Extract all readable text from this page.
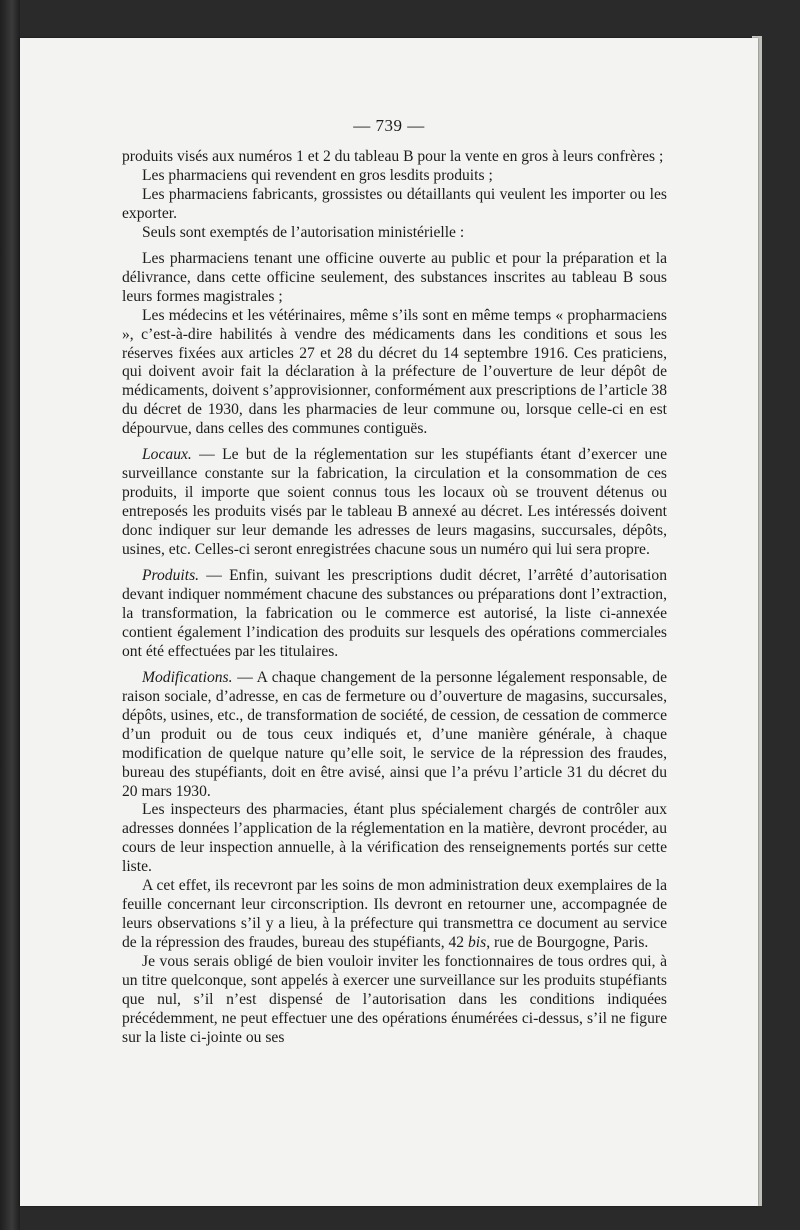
— 739 —

produits visés aux numéros 1 et 2 du tableau B pour la vente en gros à leurs confrères ;

Les pharmaciens qui revendent en gros lesdits produits ;

Les pharmaciens fabricants, grossistes ou détaillants qui veulent les importer ou les exporter.

Seuls sont exemptés de l’autorisation ministérielle :

Les pharmaciens tenant une officine ouverte au public et pour la préparation et la délivrance, dans cette officine seulement, des substances inscrites au tableau B sous leurs formes magistrales ;

Les médecins et les vétérinaires, même s’ils sont en même temps « propharmaciens », c’est-à-dire habilités à vendre des médicaments dans les conditions et sous les réserves fixées aux articles 27 et 28 du décret du 14 septembre 1916. Ces praticiens, qui doivent avoir fait la déclaration à la préfecture de l’ouverture de leur dépôt de médicaments, doivent s’approvisionner, conformément aux prescriptions de l’article 38 du décret de 1930, dans les pharmacies de leur commune ou, lorsque celle-ci en est dépourvue, dans celles des communes contiguës.

Locaux. — Le but de la réglementation sur les stupéfiants étant d’exercer une surveillance constante sur la fabrication, la circulation et la consommation de ces produits, il importe que soient connus tous les locaux où se trouvent détenus ou entreposés les produits visés par le tableau B annexé au décret. Les intéressés doivent donc indiquer sur leur demande les adresses de leurs magasins, succursales, dépôts, usines, etc. Celles-ci seront enregistrées chacune sous un numéro qui lui sera propre.

Produits. — Enfin, suivant les prescriptions dudit décret, l’arrêté d’autorisation devant indiquer nommément chacune des substances ou préparations dont l’extraction, la transformation, la fabrication ou le commerce est autorisé, la liste ci-annexée contient également l’indication des produits sur lesquels des opérations commerciales ont été effectuées par les titulaires.

Modifications. — A chaque changement de la personne légalement responsable, de raison sociale, d’adresse, en cas de fermeture ou d’ouverture de magasins, succursales, dépôts, usines, etc., de transformation de société, de cession, de cessation de commerce d’un produit ou de tous ceux indiqués et, d’une manière générale, à chaque modification de quelque nature qu’elle soit, le service de la répression des fraudes, bureau des stupéfiants, doit en être avisé, ainsi que l’a prévu l’article 31 du décret du 20 mars 1930.

Les inspecteurs des pharmacies, étant plus spécialement chargés de contrôler aux adresses données l’application de la réglementation en la matière, devront procéder, au cours de leur inspection annuelle, à la vérification des renseignements portés sur cette liste.

A cet effet, ils recevront par les soins de mon administration deux exemplaires de la feuille concernant leur circonscription. Ils devront en retourner une, accompagnée de leurs observations s’il y a lieu, à la préfecture qui transmettra ce document au service de la répression des fraudes, bureau des stupéfiants, 42 bis, rue de Bourgogne, Paris.

Je vous serais obligé de bien vouloir inviter les fonctionnaires de tous ordres qui, à un titre quelconque, sont appelés à exercer une surveillance sur les produits stupéfiants que nul, s’il n’est dispensé de l’autorisation dans les conditions indiquées précédemment, ne peut effectuer une des opérations énumérées ci-dessus, s’il ne figure sur la liste ci-jointe ou ses
